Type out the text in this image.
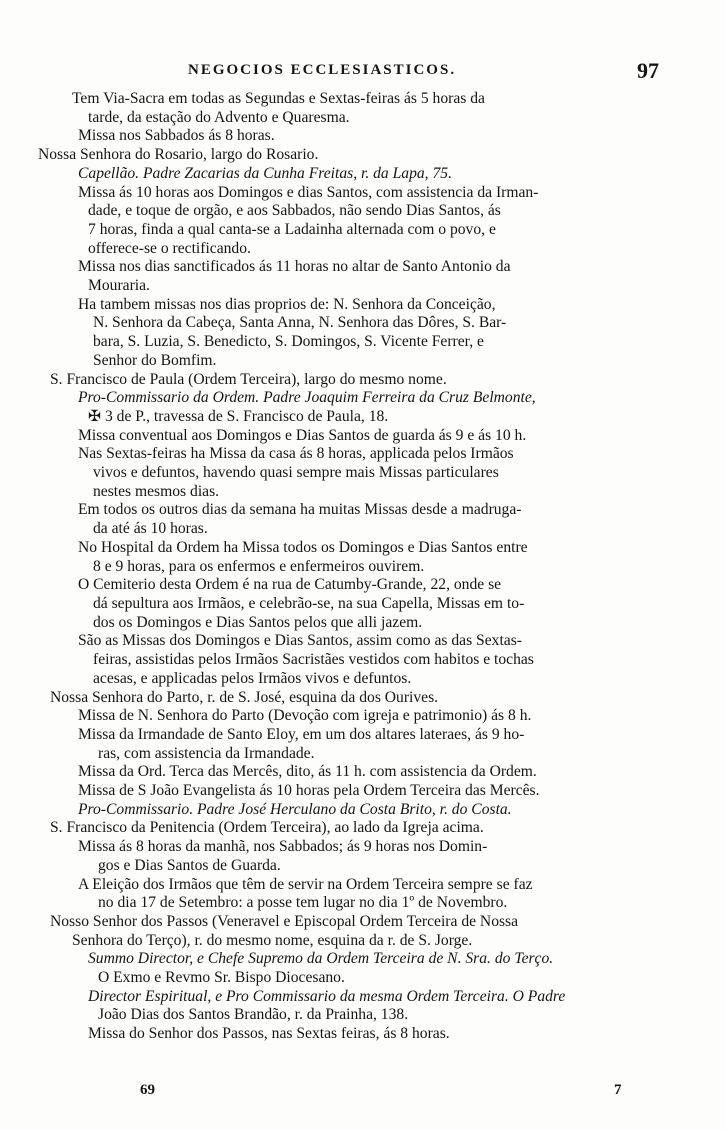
NEGOCIOS ECCLESIASTICOS.	97
Tem Via-Sacra em todas as Segundas e Sextas-feiras ás 5 horas da
tarde, da estação do Advento e Quaresma.
Missa nos Sabbados ás 8 horas.
Nossa Senhora do Rosario, largo do Rosario.
Capellão. Padre Zacarias da Cunha Freitas, r. da Lapa, 75.
Missa ás 10 horas aos Domingos e dias Santos, com assistencia da Irman-
dade, e toque de orgão, e aos Sabbados, não sendo Dias Santos, ás
7 horas, finda a qual canta-se a Ladainha alternada com o povo, e
offerece-se o rectificando.
Missa nos dias sanctificados ás 11 horas no altar de Santo Antonio da
Mouraria.
Ha tambem missas nos dias proprios de: N. Senhora da Conceição,
N. Senhora da Cabeça, Santa Anna, N. Senhora das Dôres, S. Bar-
bara, S. Luzia, S. Benedicto, S. Domingos, S. Vicente Ferrer, e
Senhor do Bomfim.
S. Francisco de Paula (Ordem Terceira), largo do mesmo nome.
Pro-Commissario da Ordem. Padre Joaquim Ferreira da Cruz Belmonte,
✠ 3 de P., travessa de S. Francisco de Paula, 18.
Missa conventual aos Domingos e Dias Santos de guarda ás 9 e ás 10 h.
Nas Sextas-feiras ha Missa da casa ás 8 horas, applicada pelos Irmãos
vivos e defuntos, havendo quasi sempre mais Missas particulares
nestes mesmos dias.
Em todos os outros dias da semana ha muitas Missas desde a madruga-
da até ás 10 horas.
No Hospital da Ordem ha Missa todos os Domingos e Dias Santos entre
8 e 9 horas, para os enfermos e enfermeiros ouvirem.
O Cemiterio desta Ordem é na rua de Catumby-Grande, 22, onde se
dá sepultura aos Irmãos, e celebrão-se, na sua Capella, Missas em to-
dos os Domingos e Dias Santos pelos que alli jazem.
São as Missas dos Domingos e Dias Santos, assim como as das Sextas-
feiras, assistidas pelos Irmãos Sacristães vestidos com habitos e tochas
acesas, e applicadas pelos Irmãos vivos e defuntos.
Nossa Senhora do Parto, r. de S. José, esquina da dos Ourives.
Missa de N. Senhora do Parto (Devoção com igreja e patrimonio) ás 8 h.
Missa da Irmandade de Santo Eloy, em um dos altares lateraes, ás 9 ho-
ras, com assistencia da Irmandade.
Missa da Ord. Terca das Mercês, dito, ás 11 h. com assistencia da Ordem.
Missa de S João Evangelista ás 10 horas pela Ordem Terceira das Mercês.
Pro-Commissario. Padre José Herculano da Costa Brito, r. do Costa.
S. Francisco da Penitencia (Ordem Terceira), ao lado da Igreja acima.
Missa ás 8 horas da manhã, nos Sabbados; ás 9 horas nos Domin-
gos e Dias Santos de Guarda.
A Eleição dos Irmãos que têm de servir na Ordem Terceira sempre se faz
no dia 17 de Setembro: a posse tem lugar no dia 1º de Novembro.
Nosso Senhor dos Passos (Veneravel e Episcopal Ordem Terceira de Nossa
Senhora do Terço), r. do mesmo nome, esquina da r. de S. Jorge.
Summo Director, e Chefe Supremo da Ordem Terceira de N. Sra. do Terço.
O Exmo e Revmo Sr. Bispo Diocesano.
Director Espiritual, e Pro Commissario da mesma Ordem Terceira. O Padre
João Dias dos Santos Brandão, r. da Prainha, 138.
Missa do Senhor dos Passos, nas Sextas feiras, ás 8 horas.
69	7
